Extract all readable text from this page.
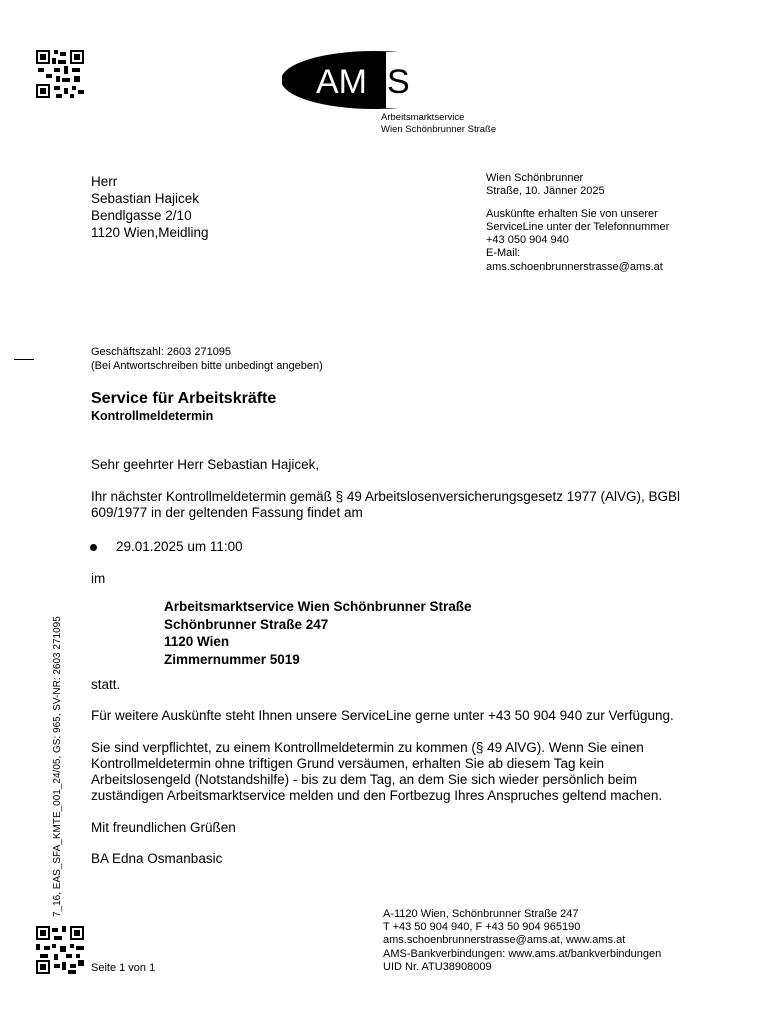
AM S
Arbeitsmarktservice
Wien Schönbrunner Straße
Herr
Sebastian Hajicek
Bendlgasse 2/10
1120 Wien,Meidling
Wien Schönbrunner
Straße, 10. Jänner 2025
Auskünfte erhalten Sie von unserer
ServiceLine unter der Telefonnummer
+43 050 904 940
E-Mail:
ams.schoenbrunnerstrasse@ams.at
Geschäftszahl: 2603 271095
(Bei Antwortschreiben bitte unbedingt angeben)
Service für Arbeitskräfte
Kontrollmeldetermin
Sehr geehrter Herr Sebastian Hajicek,
Ihr nächster Kontrollmeldetermin gemäß § 49 Arbeitslosenversicherungsgesetz 1977 (AlVG), BGBl
609/1977 in der geltenden Fassung findet am
29.01.2025 um 11:00
im
Arbeitsmarktservice Wien Schönbrunner Straße
Schönbrunner Straße 247
1120 Wien
Zimmernummer 5019
statt.
Für weitere Auskünfte steht Ihnen unsere ServiceLine gerne unter +43 50 904 940 zur Verfügung.
Sie sind verpflichtet, zu einem Kontrollmeldetermin zu kommen (§ 49 AlVG). Wenn Sie einen
Kontrollmeldetermin ohne triftigen Grund versäumen, erhalten Sie ab diesem Tag kein
Arbeitslosengeld (Notstandshilfe) - bis zu dem Tag, an dem Sie sich wieder persönlich beim
zuständigen Arbeitsmarktservice melden und den Fortbezug Ihres Anspruches geltend machen.
Mit freundlichen Grüßen
BA Edna Osmanbasic
7_16, EAS_SFA_KMTE_001_24/05, GS: 965, SV-NR: 2603 271095	A-1120 Wien, Schönbrunner Straße 247
T +43 50 904 940, F +43 50 904 965190
ams.schoenbrunnerstrasse@ams.at, www.ams.at
AMS-Bankverbindungen: www.ams.at/bankverbindungen
UID Nr. ATU38908009
Seite 1 von 1
